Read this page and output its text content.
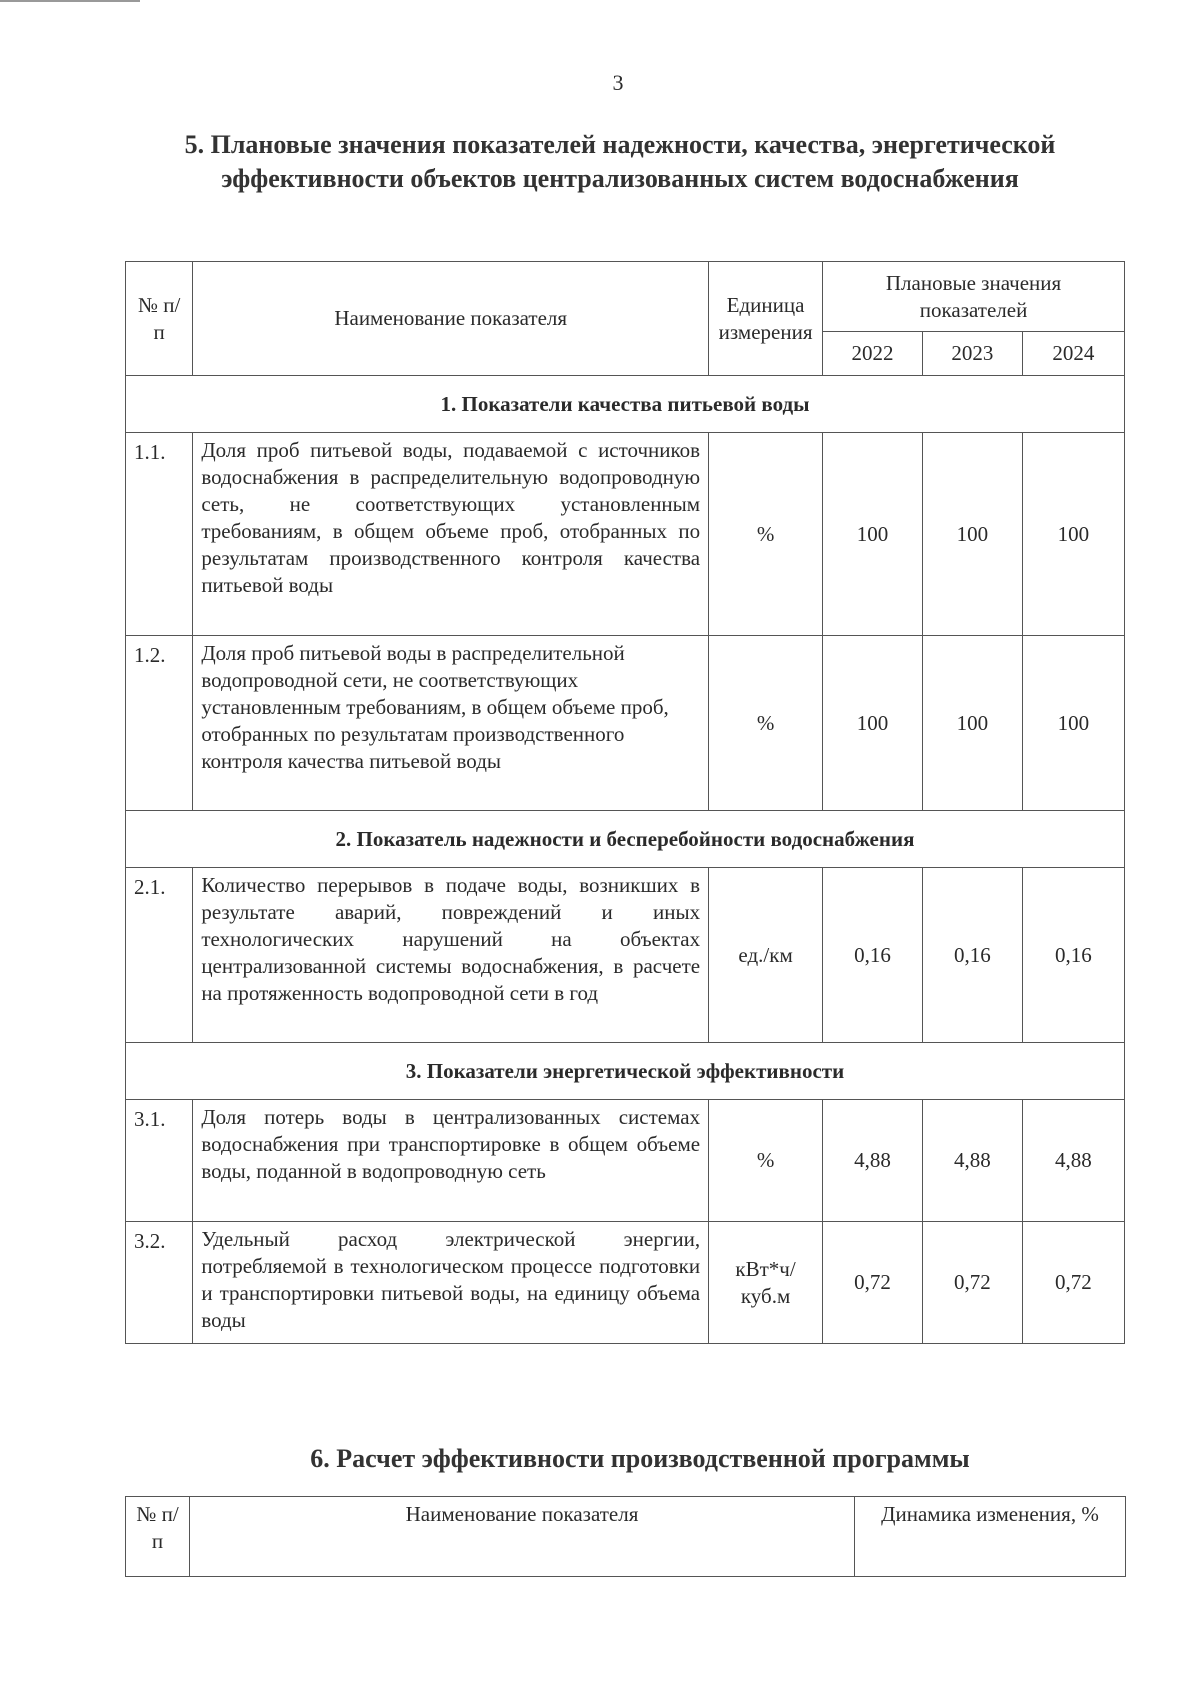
3
5. Плановые значения показателей надежности, качества, энергетической эффективности объектов централизованных систем водоснабжения
№ п/п	Наименование показателя	Единица измерения	Плановые значения показателей		
			2022	2023	2024
1. Показатели качества питьевой воды					
1.1.	Доля проб питьевой воды, подаваемой с источников водоснабжения в распределительную водопроводную сеть, не соответствующих установленным требованиям, в общем объеме проб, отобранных по результатам производственного контроля качества питьевой воды	%	100	100	100
1.2.	Доля проб питьевой воды в распределительной водопроводной сети, не соответствующих установленным требованиям, в общем объеме проб, отобранных по результатам производственного контроля качества питьевой воды	%	100	100	100
2. Показатель надежности и бесперебойности водоснабжения					
2.1.	Количество перерывов в подаче воды, возникших в результате аварий, повреждений и иных технологических нарушений на объектах централизованной системы водоснабжения, в расчете на протяженность водопроводной сети в год	ед./км	0,16	0,16	0,16
3. Показатели энергетической эффективности					
3.1.	Доля потерь воды в централизованных системах водоснабжения при транспортировке в общем объеме воды, поданной в водопроводную сеть	%	4,88	4,88	4,88
3.2.	Удельный расход электрической энергии, потребляемой в технологическом процессе подготовки и транспортировки питьевой воды, на единицу объема воды	кВт*ч/ куб.м	0,72	0,72	0,72
6. Расчет эффективности производственной программы
№ п/п	Наименование показателя	Динамика изменения, %
